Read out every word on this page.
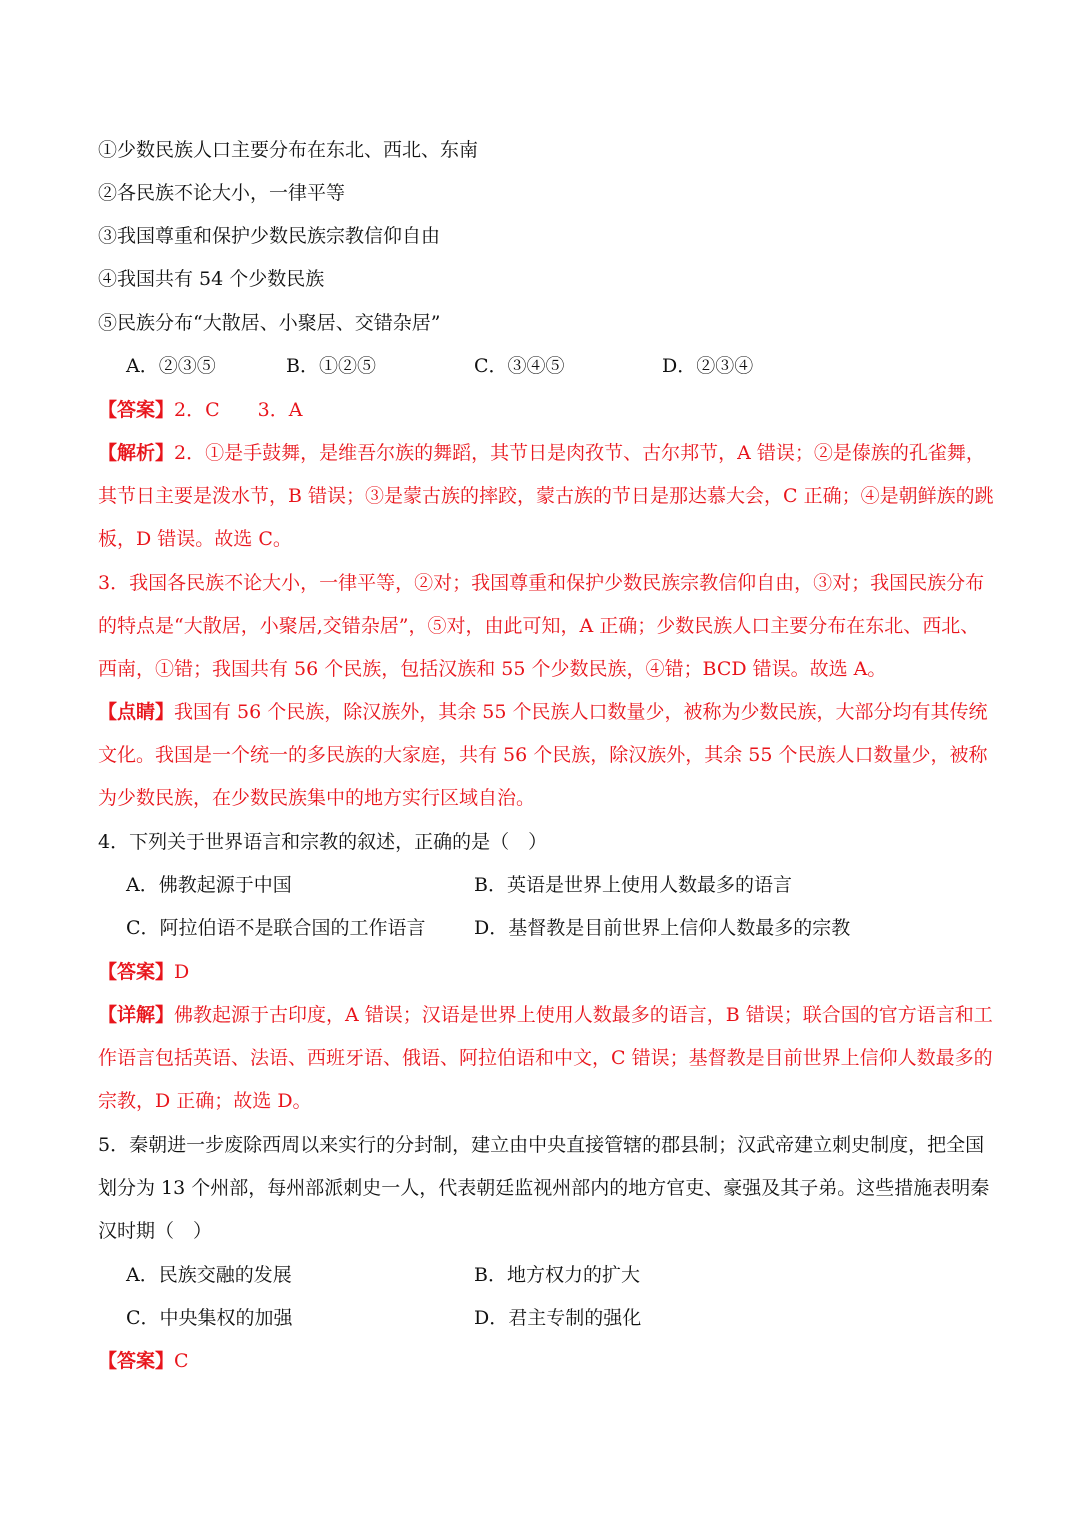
①少数民族人口主要分布在东北、西北、东南
②各民族不论大小，一律平等
③我国尊重和保护少数民族宗教信仰自由
④我国共有 54 个少数民族
⑤民族分布“大散居、小聚居、交错杂居”
A．②③⑤	B．①②⑤	C．③④⑤	D．②③④
【答案】2．C　　3．A
【解析】2．①是手鼓舞，是维吾尔族的舞蹈，其节日是肉孜节、古尔邦节，A 错误；②是傣族的孔雀舞，
其节日主要是泼水节，B 错误；③是蒙古族的摔跤，蒙古族的节日是那达慕大会，C 正确；④是朝鲜族的跳
板，D 错误。故选 C。
3．我国各民族不论大小，一律平等，②对；我国尊重和保护少数民族宗教信仰自由，③对；我国民族分布
的特点是“大散居，小聚居,交错杂居”，⑤对，由此可知，A 正确；少数民族人口主要分布在东北、西北、
西南，①错；我国共有 56 个民族，包括汉族和 55 个少数民族，④错；BCD 错误。故选 A。
【点睛】我国有 56 个民族，除汉族外，其余 55 个民族人口数量少，被称为少数民族，大部分均有其传统
文化。我国是一个统一的多民族的大家庭，共有 56 个民族，除汉族外，其余 55 个民族人口数量少，被称
为少数民族，在少数民族集中的地方实行区域自治。
4．下列关于世界语言和宗教的叙述，正确的是（　）
A．佛教起源于中国	B．英语是世界上使用人数最多的语言
C．阿拉伯语不是联合国的工作语言	D．基督教是目前世界上信仰人数最多的宗教
【答案】D
【详解】佛教起源于古印度，A 错误；汉语是世界上使用人数最多的语言，B 错误；联合国的官方语言和工
作语言包括英语、法语、西班牙语、俄语、阿拉伯语和中文，C 错误；基督教是目前世界上信仰人数最多的
宗教，D 正确；故选 D。
5．秦朝进一步废除西周以来实行的分封制，建立由中央直接管辖的郡县制；汉武帝建立刺史制度，把全国
划分为 13 个州部，每州部派刺史一人，代表朝廷监视州部内的地方官吏、豪强及其子弟。这些措施表明秦
汉时期（　）
A．民族交融的发展	B．地方权力的扩大
C．中央集权的加强	D．君主专制的强化
【答案】C
